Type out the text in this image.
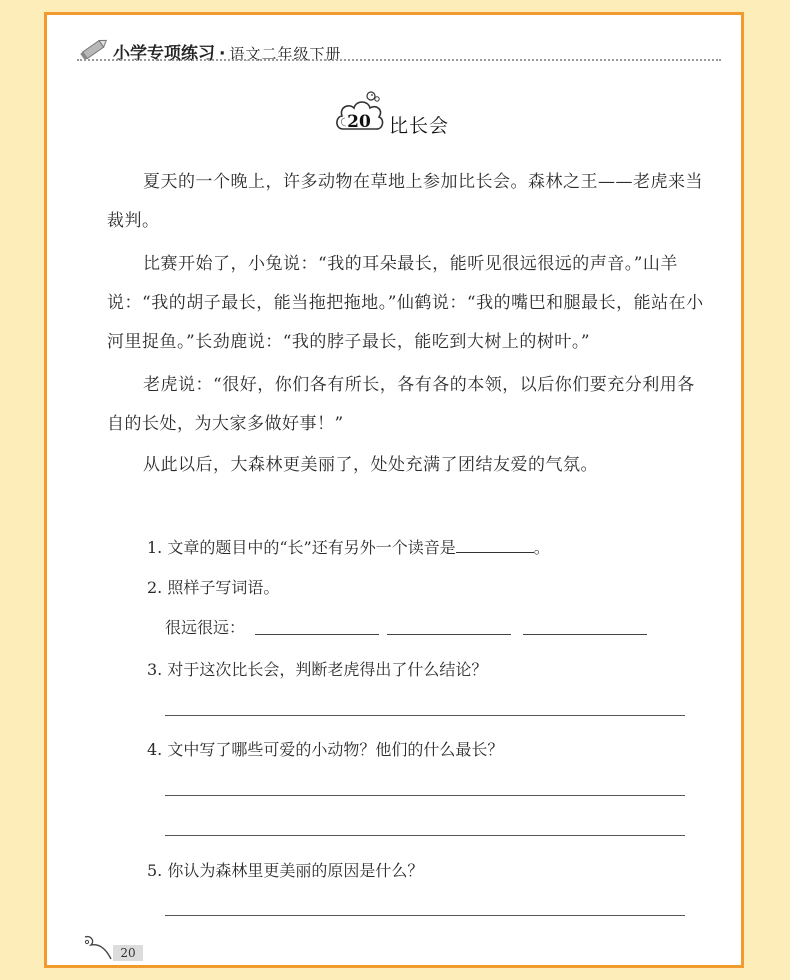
小学专项练习 · 语文二年级下册
20 比长会

夏天的一个晚上，许多动物在草地上参加比长会。森林之王——老虎来当裁判。

比赛开始了，小兔说：“我的耳朵最长，能听见很远很远的声音。”山羊说：“我的胡子最长，能当拖把拖地。”仙鹤说：“我的嘴巴和腿最长，能站在小河里捉鱼。”长劲鹿说：“我的脖子最长，能吃到大树上的树叶。”

老虎说：“很好，你们各有所长，各有各的本领，以后你们要充分利用各自的长处，为大家多做好事！”

从此以后，大森林更美丽了，处处充满了团结友爱的气氛。

1. 文章的题目中的“长”还有另外一个读音是	。
2. 照样子写词语。
很远很远：
3. 对于这次比长会，判断老虎得出了什么结论？
4. 文中写了哪些可爱的小动物？他们的什么最长？
5. 你认为森林里更美丽的原因是什么？
20
